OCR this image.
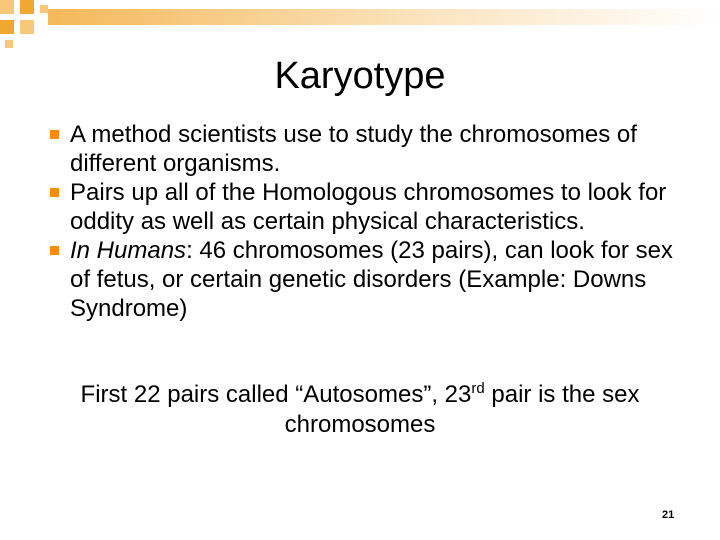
Karyotype
A method scientists use to study the chromosomes of different organisms.
Pairs up all of the Homologous chromosomes to look for oddity as well as certain physical characteristics.
In Humans: 46 chromosomes (23 pairs), can look for sex of fetus, or certain genetic disorders (Example: Downs Syndrome)
First 22 pairs called “Autosomes”, 23rd pair is the sex chromosomes
21
